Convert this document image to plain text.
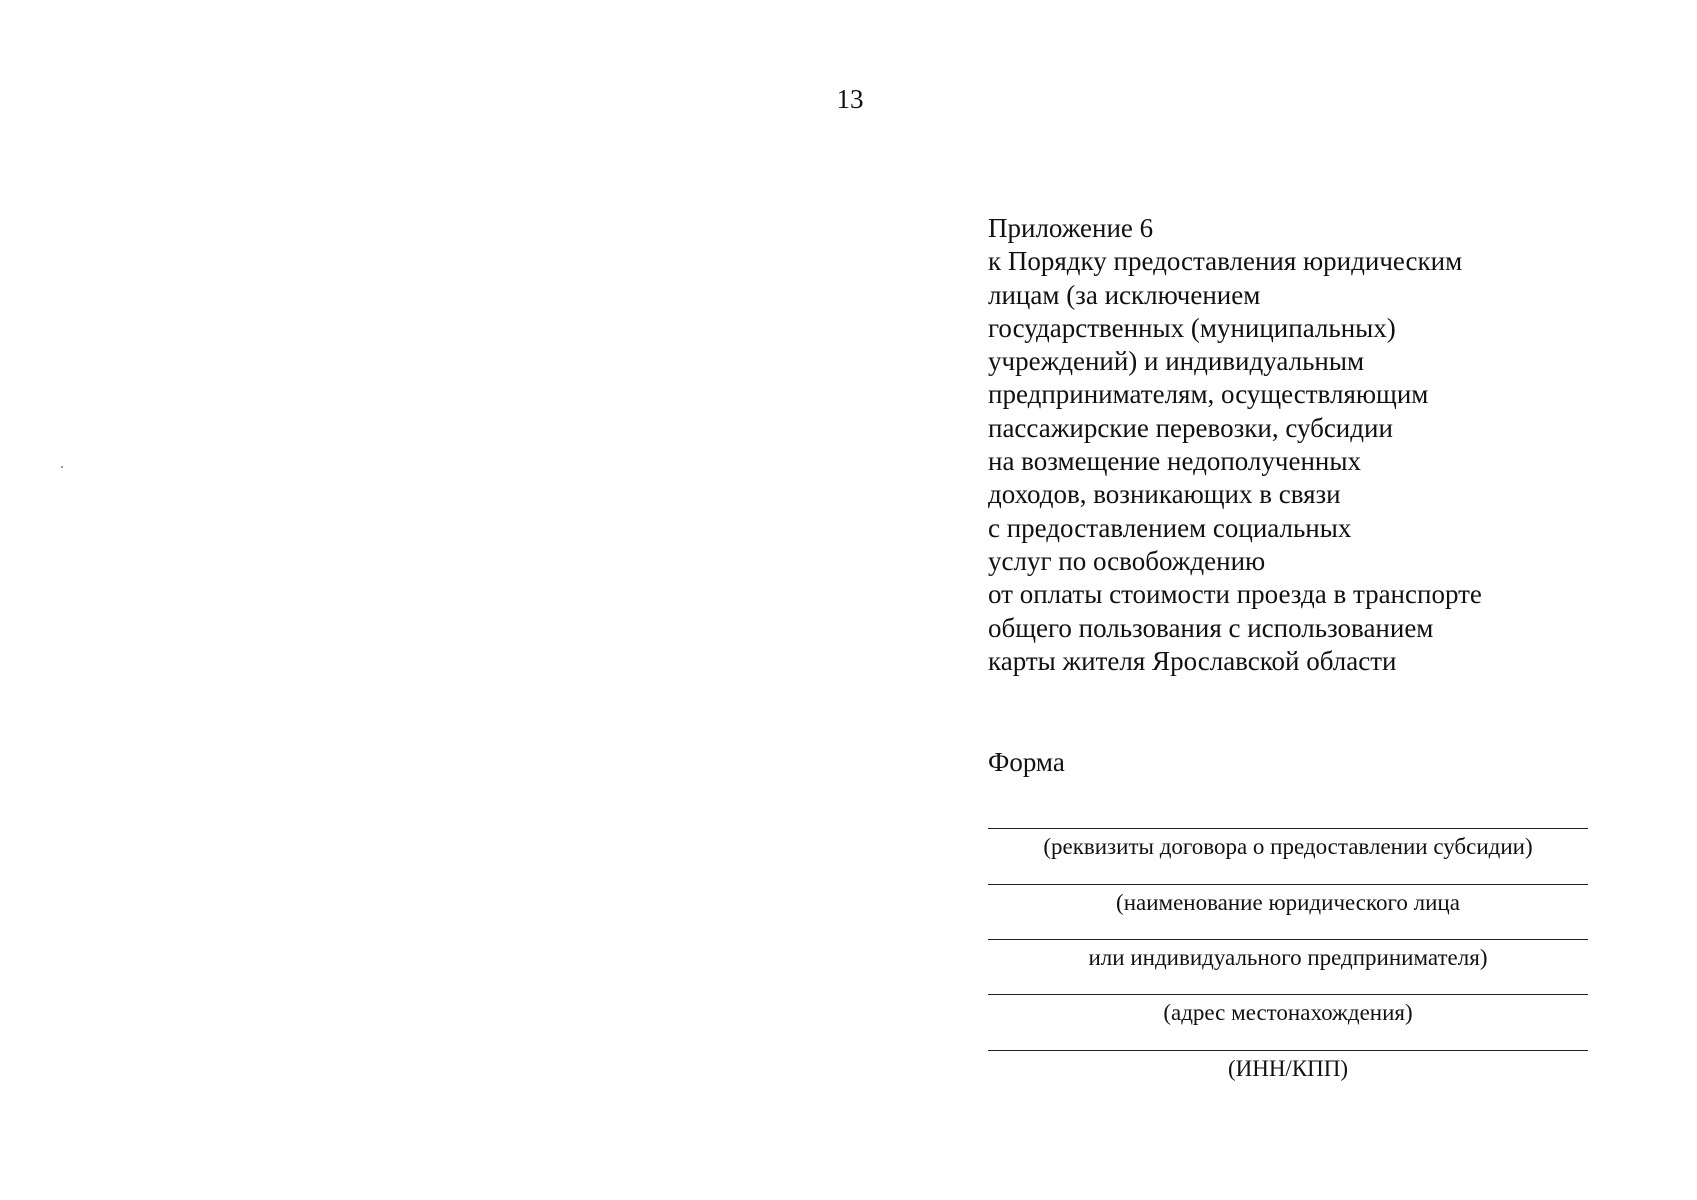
13
Приложение 6
к Порядку предоставления юридическим
лицам (за исключением
государственных (муниципальных)
учреждений) и индивидуальным
предпринимателям, осуществляющим
пассажирские перевозки, субсидии
на возмещение недополученных
доходов, возникающих в связи
с предоставлением социальных
услуг по освобождению
от оплаты стоимости проезда в транспорте
общего пользования с использованием
карты жителя Ярославской области
Форма
(реквизиты договора о предоставлении субсидии)
(наименование юридического лица
или индивидуального предпринимателя)
(адрес местонахождения)
(ИНН/КПП)
